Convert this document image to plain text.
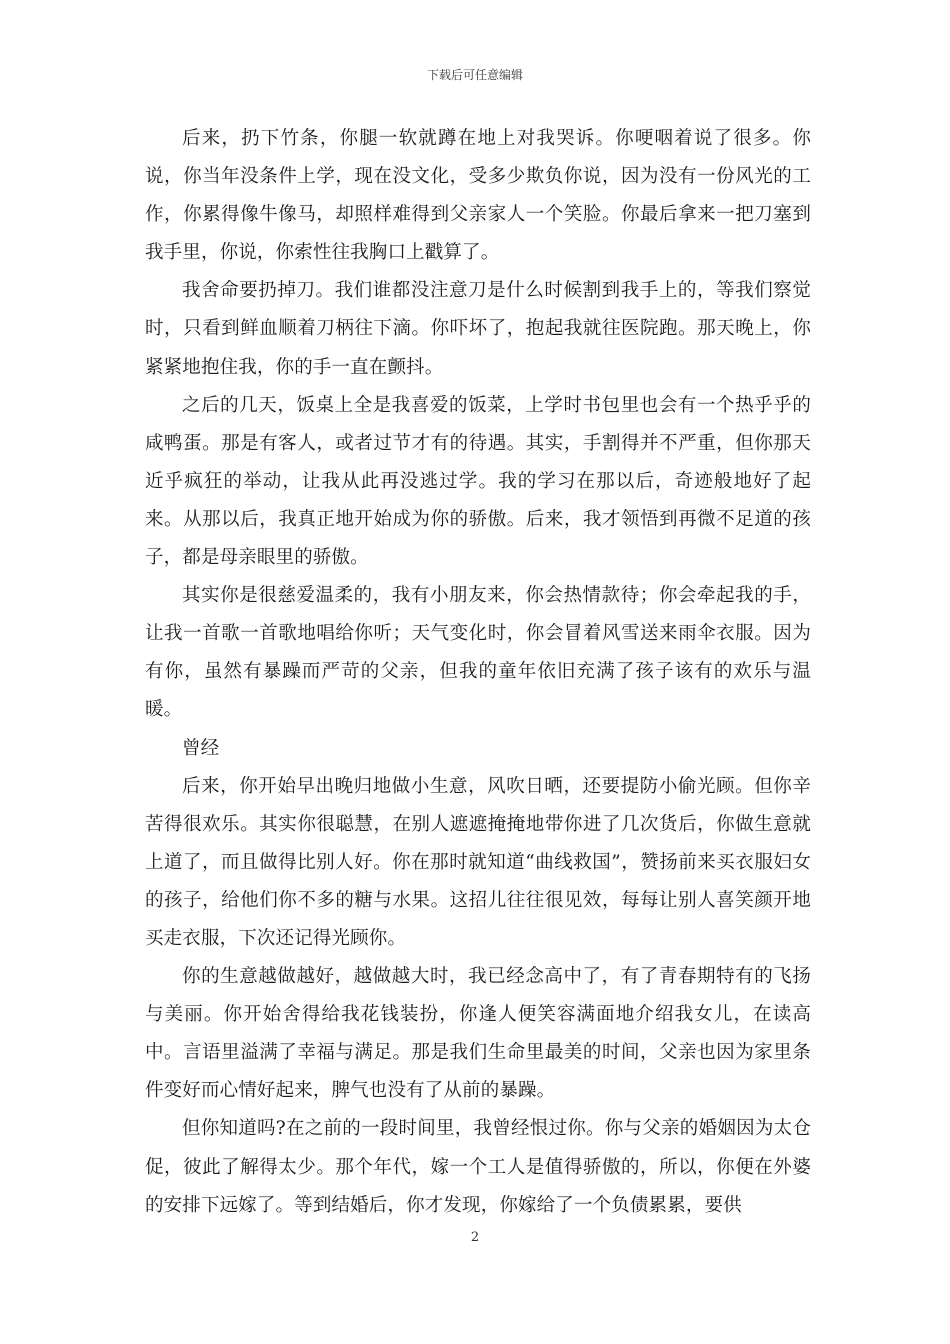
下载后可任意编辑

后来，扔下竹条，你腿一软就蹲在地上对我哭诉。你哽咽着说了很多。你说，你当年没条件上学，现在没文化，受多少欺负你说，因为没有一份风光的工作，你累得像牛像马，却照样难得到父亲家人一个笑脸。你最后拿来一把刀塞到我手里，你说，你索性往我胸口上戳算了。

我舍命要扔掉刀。我们谁都没注意刀是什么时候割到我手上的，等我们察觉时，只看到鲜血顺着刀柄往下滴。你吓坏了，抱起我就往医院跑。那天晚上，你紧紧地抱住我，你的手一直在颤抖。

之后的几天，饭桌上全是我喜爱的饭菜，上学时书包里也会有一个热乎乎的咸鸭蛋。那是有客人，或者过节才有的待遇。其实，手割得并不严重，但你那天近乎疯狂的举动，让我从此再没逃过学。我的学习在那以后，奇迹般地好了起来。从那以后，我真正地开始成为你的骄傲。后来，我才领悟到再微不足道的孩子，都是母亲眼里的骄傲。

其实你是很慈爱温柔的，我有小朋友来，你会热情款待；你会牵起我的手，让我一首歌一首歌地唱给你听；天气变化时，你会冒着风雪送来雨伞衣服。因为有你，虽然有暴躁而严苛的父亲，但我的童年依旧充满了孩子该有的欢乐与温暖。

曾经

后来，你开始早出晚归地做小生意，风吹日晒，还要提防小偷光顾。但你辛苦得很欢乐。其实你很聪慧，在别人遮遮掩掩地带你进了几次货后，你做生意就上道了，而且做得比别人好。你在那时就知道“曲线救国”，赞扬前来买衣服妇女的孩子，给他们你不多的糖与水果。这招儿往往很见效，每每让别人喜笑颜开地买走衣服，下次还记得光顾你。

你的生意越做越好，越做越大时，我已经念高中了，有了青春期特有的飞扬与美丽。你开始舍得给我花钱装扮，你逢人便笑容满面地介绍我女儿，在读高中。言语里溢满了幸福与满足。那是我们生命里最美的时间，父亲也因为家里条件变好而心情好起来，脾气也没有了从前的暴躁。

但你知道吗?在之前的一段时间里，我曾经恨过你。你与父亲的婚姻因为太仓促，彼此了解得太少。那个年代，嫁一个工人是值得骄傲的，所以，你便在外婆的安排下远嫁了。等到结婚后，你才发现，你嫁给了一个负债累累，要供

2
